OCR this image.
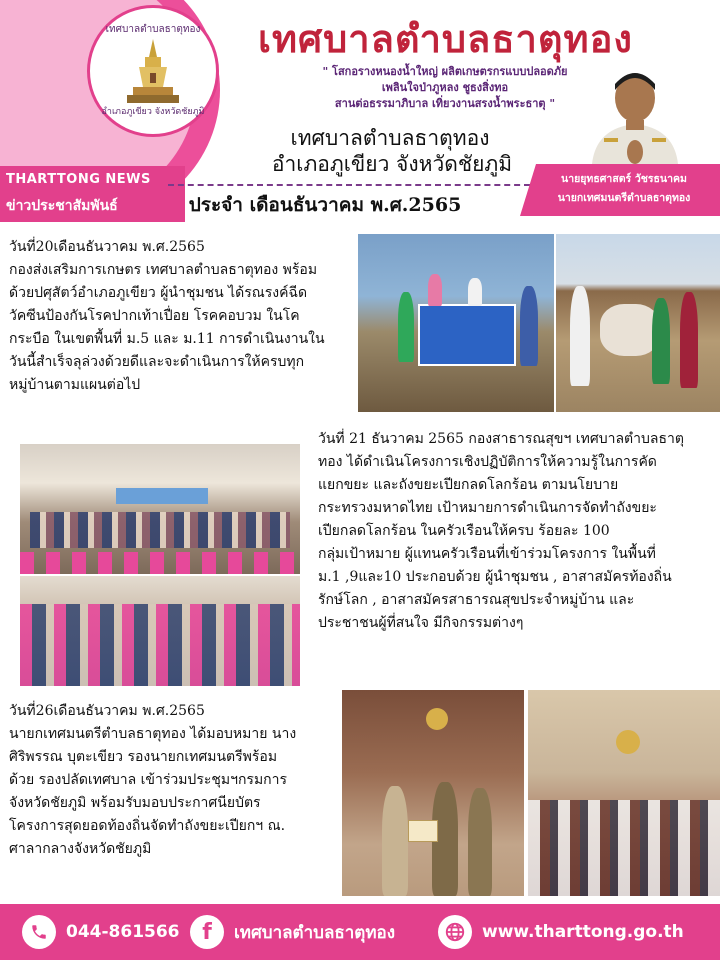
เทศบาลตำบลธาตุทอง
อำเภอภูเขียว จังหวัดชัยภูมิ
THARTTONG NEWS
ข่าวประชาสัมพันธ์
เทศบาลตำบลธาตุทอง
" โสกอรางหนองน้ำใหญ่ ผลิตเกษตรกรแบบปลอดภัย
เพลินใจป่าภูหลง ชูธงสิ่งทอ
สานต่อธรรมาภิบาล เทิ่ยวงานสรงน้ำพระธาตุ "
เทศบาลตำบลธาตุทอง
อำเภอภูเขียว จังหวัดชัยภูมิ
ประจำ เดือนธันวาคม พ.ศ.2565
นายยุทธศาสตร์ วัชรธนาคม
นายกเทศมนตรีตำบลธาตุทอง

วันที่20เดือนธันวาคม พ.ศ.2565

กองส่งเสริมการเกษตร เทศบาลตำบลธาตุทอง พร้อม

ด้วยปศุสัตว์อำเภอภูเขียว ผู้นำชุมชน ได้รณรงค์ฉีด

วัคซีนป้องกันโรคปากเท้าเปื่อย โรคคอบวม ในโค

กระบือ ในเขตพื้นที่ ม.5 และ ม.11 การดำเนินงานใน

วันนี้สำเร็จลุล่วงด้วยดีและจะดำเนินการให้ครบทุก

หมู่บ้านตามแผนต่อไป

วันที่ 21 ธันวาคม 2565 กองสาธารณสุขฯ เทศบาลตำบลธาตุ

ทอง ได้ดำเนินโครงการเชิงปฏิบัติการให้ความรู้ในการคัด

แยกขยะ และถังขยะเปียกลดโลกร้อน ตามนโยบาย

กระทรวงมหาดไทย เป้าหมายการดำเนินการจัดทำถังขยะ

เปียกลดโลกร้อน ในครัวเรือนให้ครบ ร้อยละ 100

กลุ่มเป้าหมาย ผู้แทนครัวเรือนที่เข้าร่วมโครงการ ในพื้นที่

ม.1 ,9และ10 ประกอบด้วย ผู้นำชุมชน , อาสาสมัครท้องถิ่น

รักษ์โลก , อาสาสมัครสาธารณสุขประจำหมู่บ้าน และ

ประชาชนผู้ที่สนใจ มีกิจกรรมต่างๆ

วันที่26เดือนธันวาคม พ.ศ.2565

นายกเทศมนตรีตำบลธาตุทอง ได้มอบหมาย นาง

ศิริพรรณ บุตะเขียว รองนายกเทศมนตรีพร้อม

ด้วย รองปลัดเทศบาล เข้าร่วมประชุมฯกรมการ

จังหวัดชัยภูมิ พร้อมรับมอบประกาศนียบัตร

โครงการสุดยอดท้องถิ่นจัดทำถังขยะเปียกฯ ณ.

ศาลากลางจังหวัดชัยภูมิ

044-861566 f เทศบาลตำบลธาตุทอง	www.tharttong.go.th
